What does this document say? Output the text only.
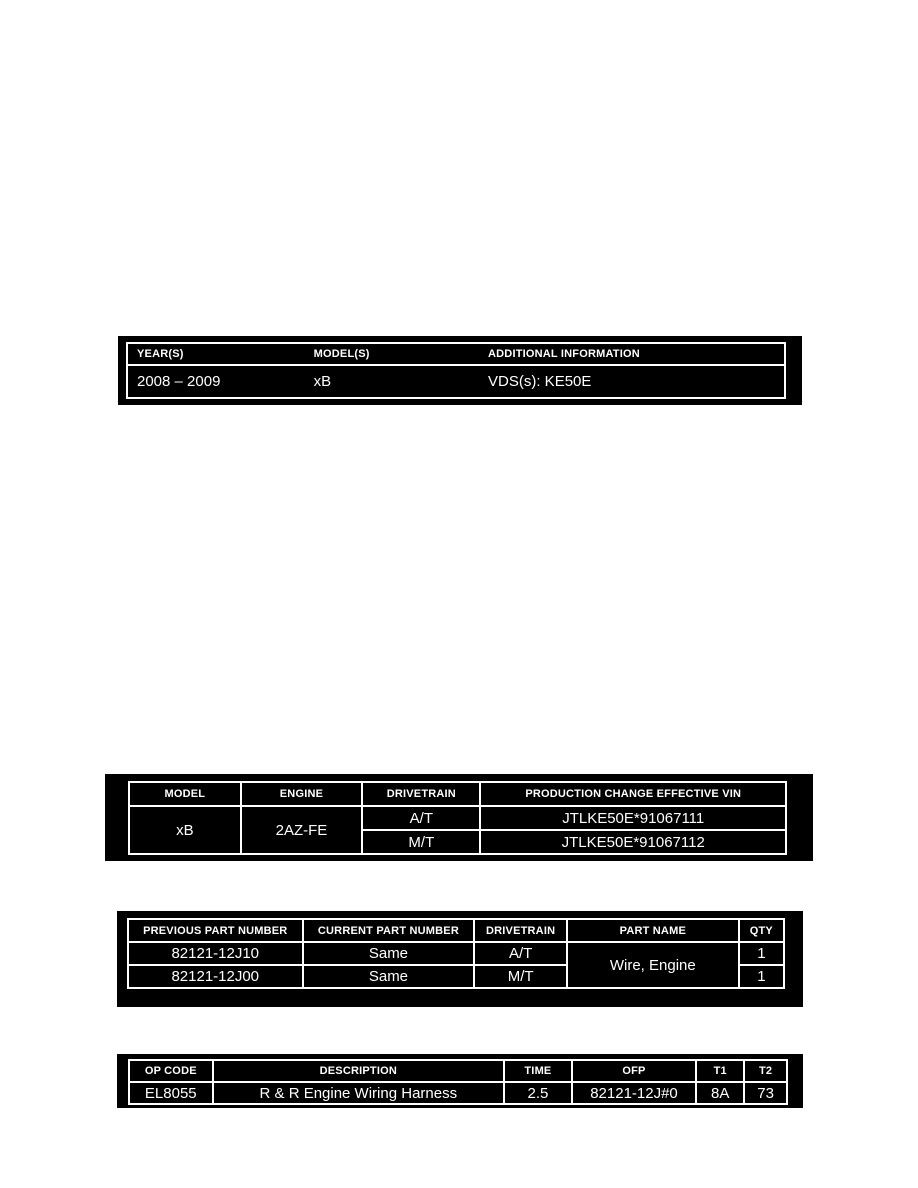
YEAR(S)	MODEL(S)	ADDITIONAL INFORMATION
2008 – 2009	xB	VDS(s): KE50E
MODEL	ENGINE	DRIVETRAIN	PRODUCTION CHANGE EFFECTIVE VIN
xB	2AZ-FE	A/T	JTLKE50E*91067111
		M/T	JTLKE50E*91067112
PREVIOUS PART NUMBER	CURRENT PART NUMBER	DRIVETRAIN	PART NAME	QTY
82121-12J10	Same	A/T	Wire, Engine	1
82121-12J00	Same	M/T		1
OP CODE	DESCRIPTION	TIME	OFP	T1	T2
EL8055	R & R Engine Wiring Harness	2.5	82121-12J#0	8A	73
